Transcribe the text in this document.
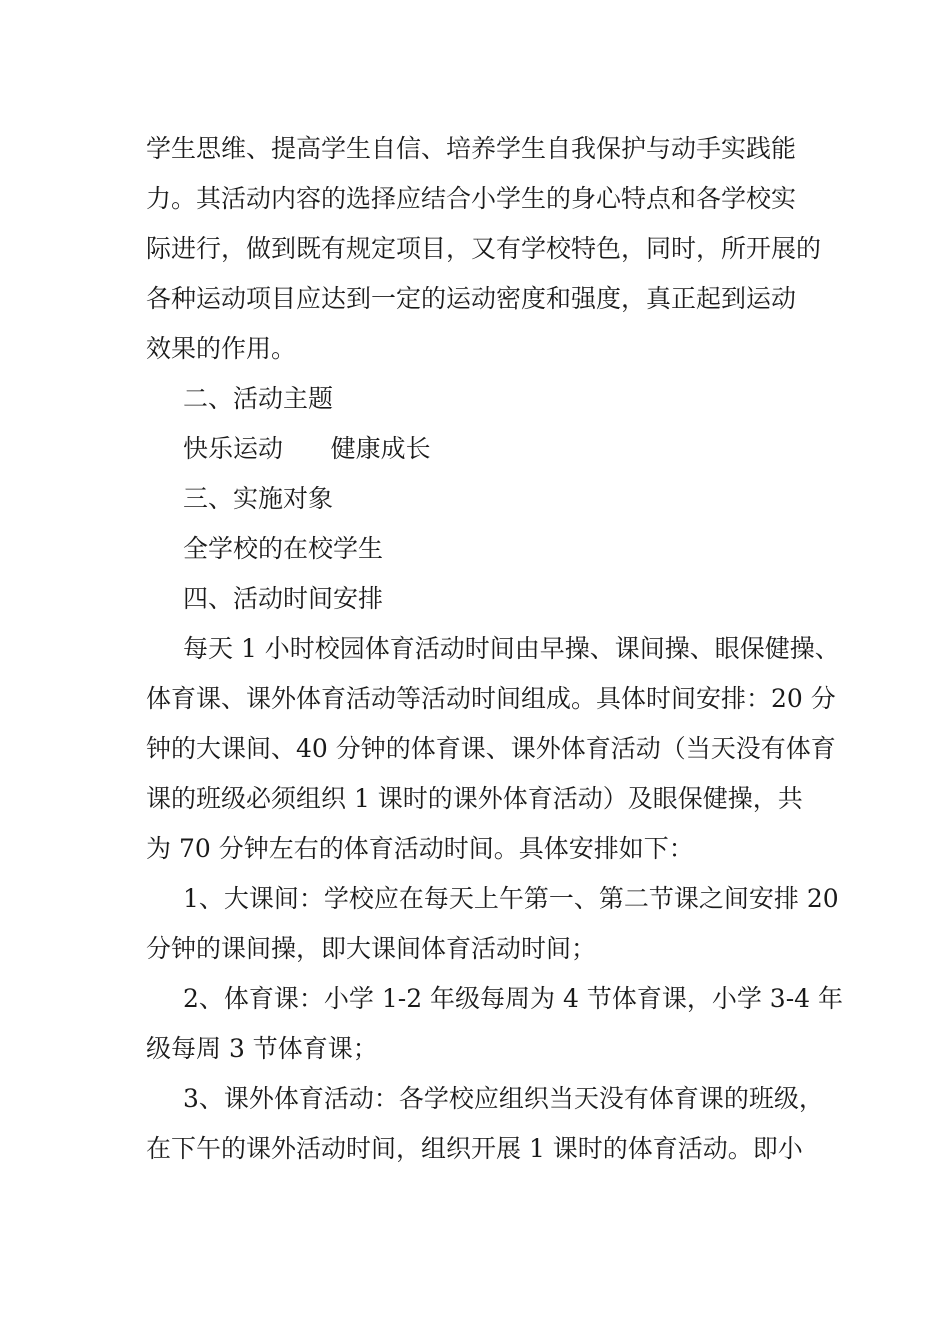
学生思维、提高学生自信、培养学生自我保护与动手实践能
力。其活动内容的选择应结合小学生的身心特点和各学校实
际进行，做到既有规定项目，又有学校特色，同时，所开展的
各种运动项目应达到一定的运动密度和强度，真正起到运动
效果的作用。
二、活动主题
快乐运动      健康成长
三、实施对象
全学校的在校学生
四、活动时间安排
每天 1 小时校园体育活动时间由早操、课间操、眼保健操、
体育课、课外体育活动等活动时间组成。具体时间安排：20 分
钟的大课间、40 分钟的体育课、课外体育活动（当天没有体育
课的班级必须组织 1 课时的课外体育活动）及眼保健操，共
为 70 分钟左右的体育活动时间。具体安排如下：
1、大课间：学校应在每天上午第一、第二节课之间安排 20
分钟的课间操，即大课间体育活动时间；
2、体育课：小学 1-2 年级每周为 4 节体育课，小学 3-4 年
级每周 3 节体育课；
3、课外体育活动：各学校应组织当天没有体育课的班级，
在下午的课外活动时间，组织开展 1 课时的体育活动。即小
